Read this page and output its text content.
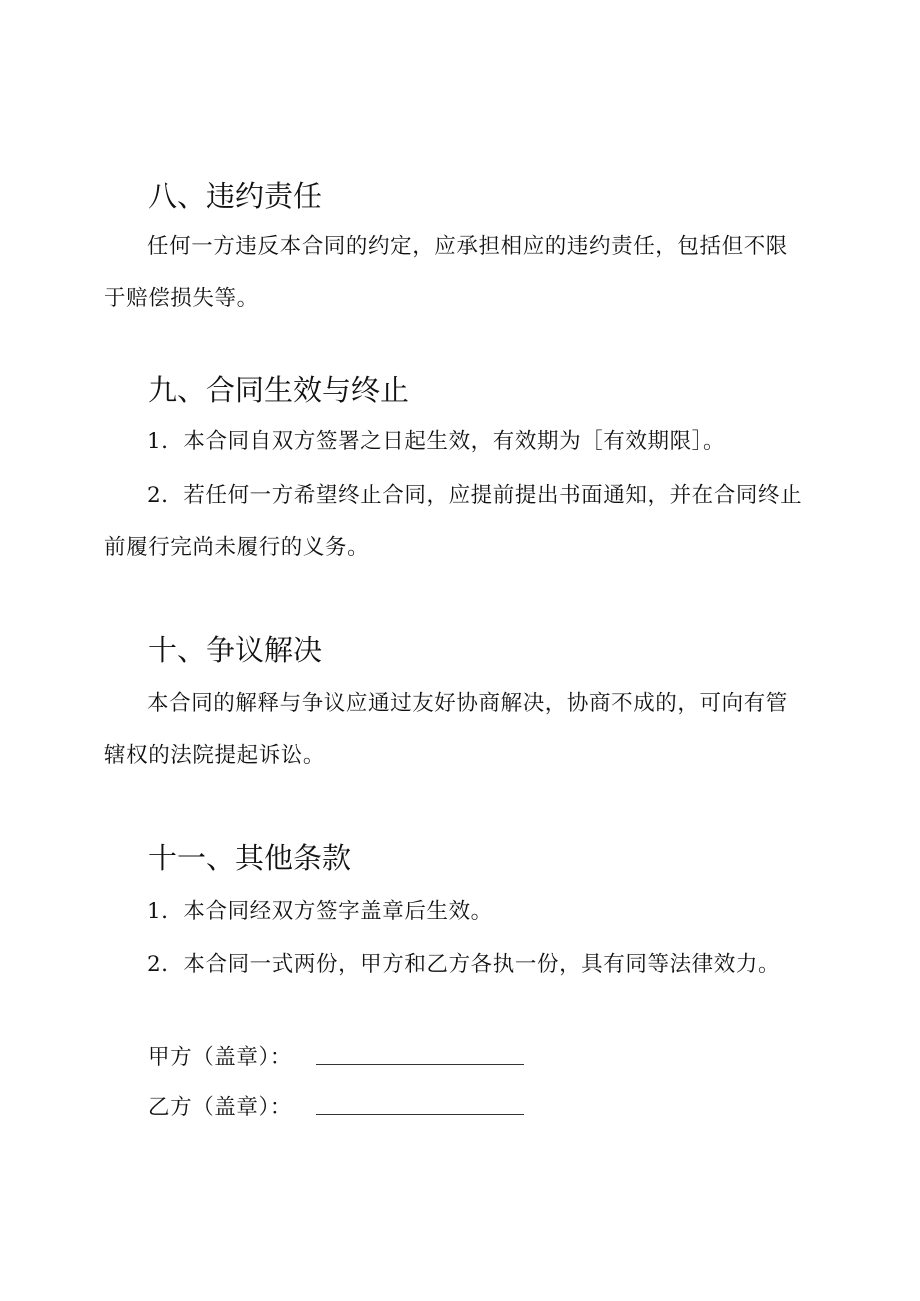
八、违约责任

任何一方违反本合同的约定，应承担相应的违约责任，包括但不限于赔偿损失等。

九、合同生效与终止

1．本合同自双方签署之日起生效，有效期为［有效期限］。

2．若任何一方希望终止合同，应提前提出书面通知，并在合同终止前履行完尚未履行的义务。

十、争议解决

本合同的解释与争议应通过友好协商解决，协商不成的，可向有管辖权的法院提起诉讼。

十一、其他条款

1．本合同经双方签字盖章后生效。

2．本合同一式两份，甲方和乙方各执一份，具有同等法律效力。

甲方（盖章）：
乙方（盖章）：
